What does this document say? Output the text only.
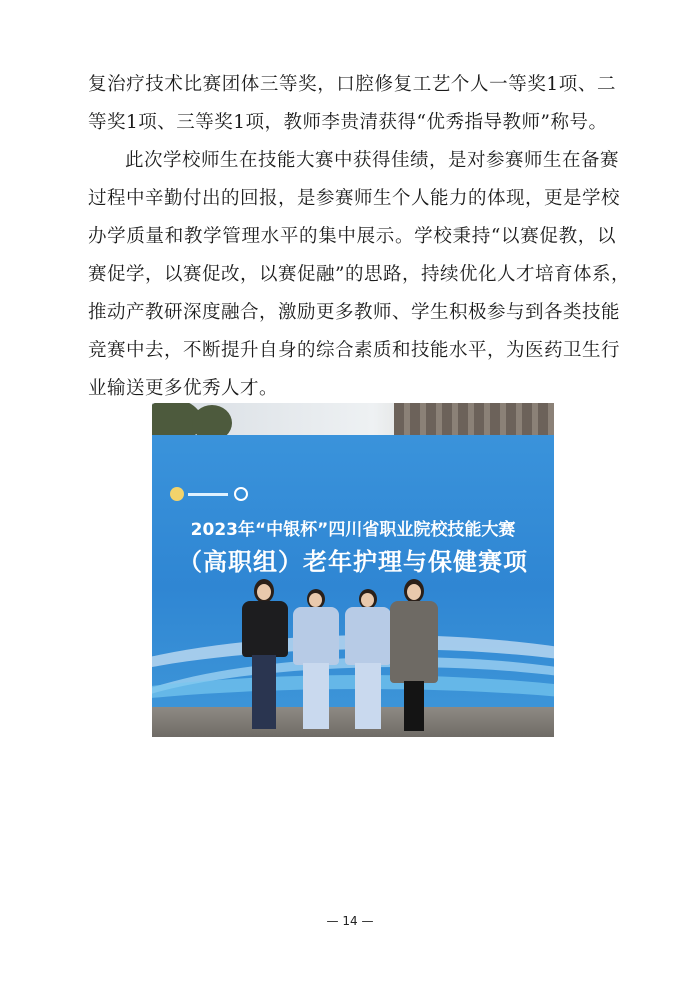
复治疗技术比赛团体三等奖，口腔修复工艺个人一等奖1项、二
等奖1项、三等奖1项，教师李贵清获得“优秀指导教师”称号。
此次学校师生在技能大赛中获得佳绩，是对参赛师生在备赛
过程中辛勤付出的回报，是参赛师生个人能力的体现，更是学校
办学质量和教学管理水平的集中展示。学校秉持“以赛促教，以
赛促学，以赛促改，以赛促融”的思路，持续优化人才培育体系，
推动产教研深度融合，激励更多教师、学生积极参与到各类技能
竞赛中去，不断提升自身的综合素质和技能水平，为医药卫生行
业输送更多优秀人才。
2023年“中银杯”四川省职业院校技能大赛
（高职组）老年护理与保健赛项
— 14 —
